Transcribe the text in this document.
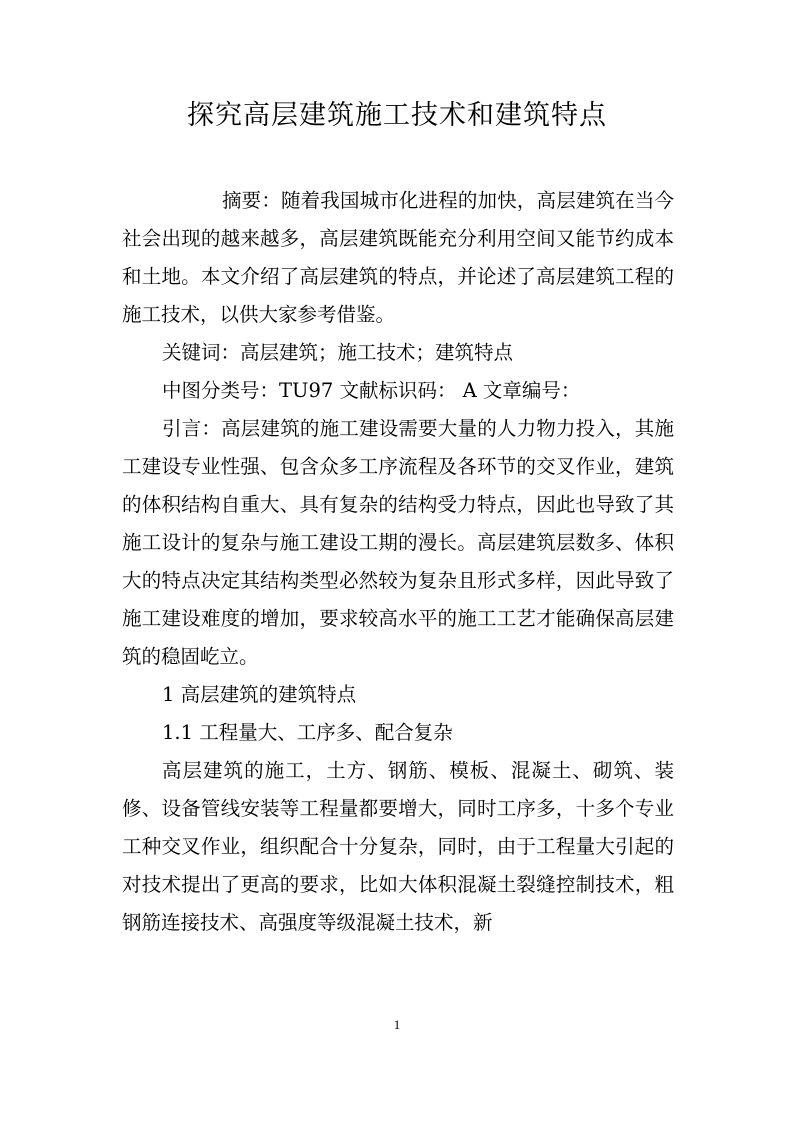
探究高层建筑施工技术和建筑特点

摘要：随着我国城市化进程的加快，高层建筑在当今社会出现的越来越多，高层建筑既能充分利用空间又能节约成本和土地。本文介绍了高层建筑的特点，并论述了高层建筑工程的施工技术，以供大家参考借鉴。

关键词：高层建筑；施工技术；建筑特点

中图分类号：TU97 文献标识码： A 文章编号：

引言：高层建筑的施工建设需要大量的人力物力投入，其施工建设专业性强、包含众多工序流程及各环节的交叉作业，建筑的体积结构自重大、具有复杂的结构受力特点，因此也导致了其施工设计的复杂与施工建设工期的漫长。高层建筑层数多、体积大的特点决定其结构类型必然较为复杂且形式多样，因此导致了施工建设难度的增加，要求较高水平的施工工艺才能确保高层建筑的稳固屹立。

1 高层建筑的建筑特点

1.1 工程量大、工序多、配合复杂

高层建筑的施工，土方、钢筋、模板、混凝土、砌筑、装修、设备管线安装等工程量都要增大，同时工序多，十多个专业工种交叉作业，组织配合十分复杂，同时，由于工程量大引起的对技术提出了更高的要求，比如大体积混凝土裂缝控制技术，粗钢筋连接技术、高强度等级混凝土技术，新

1
